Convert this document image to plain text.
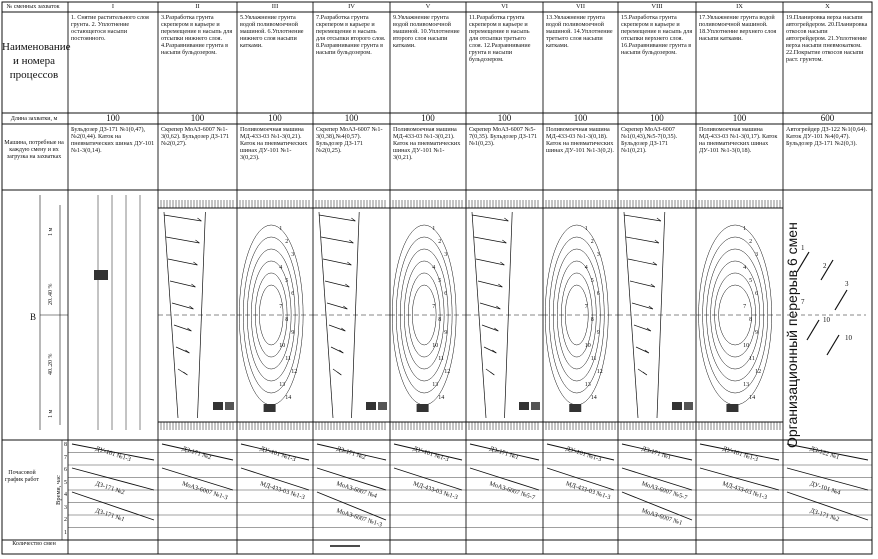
1
2
3
4
5
6
7
8
9
10
11
12
13
14
1
2
3
4
5
6
7
8
9
10
11
12
13
14
1
2
3
4
5
6
7
8
9
10
11
12
13
14
1
2
3
4
5
6
7
8
9
10
11
12
13
14
1
2
3
7
10
10
ДУ-101 №1-3
ДЗ-171 №2
ДЗ-171 №1
ДЗ-171 №2
МоАЗ-6007 №1-3
ДУ-101 №1-3
МД-433-03 №1-3
ДЗ-171 №2
МоАЗ-6007 №4
МоАЗ-6007 №1-3
ДУ-101 №1-3
МД-433-03 №1-3
ДЗ-171 №1
МоАЗ-6007 №5-7
ДУ-101 №1-3
МД-433-03 №1-3
ДЗ-171 №1
МоАЗ-6007 №5-7
МоАЗ-6007 №1
ДУ-101 №1-3
МД-433-03 №1-3
ДЗ-122 №1
ДУ-101 №4
ДЗ-171 №2
№ сменных захваток
Наименование и номера процессов
Длина захватки, м
Машина, потребные на каждую смену и их загрузка на захватках
В
Почасовой график работ
Количество смен
Время, час
1 м
20..40 %
40..20 %
1 м
8
7
6
5
4
3
2
1
I
1. Снятие растительного слоя грунта. 2. Уплотнение остающегося насыпи постоянного.
100
Бульдозер ДЗ-171 №1(0,47),№2(0,44). Каток на пневматических шинах ДУ-101 №1-3(0,14).
II
3.Разработка грунта скрепером в карьере и перемещение в насыпь для отсыпки нижнего слоя. 4.Разравнивание грунта в насыпи бульдозером.
100
Скрепер МоАЗ-6007 №1-3(0,62). Бульдозер ДЗ-171 №2(0,27).
III
5.Увлажнение грунта водой поливомоечной машиной. 6.Уплотнение нижнего слоя насыпи катками.
100
Поливомоечная машина МД-433-03 №1-3(0,21). Каток на пневматических шинах ДУ-101 №1-3(0,23).
IV
7.Разработка грунта скрепером в карьере и перемещение в насыпь для отсыпки второго слоя. 8.Разравнивание грунта в насыпи бульдозером.
100
Скрепер МоАЗ-6007 №1-3(0,38),№4(0,57). Бульдозер ДЗ-171 №2(0,25).
V
9.Увлажнение грунта водой поливомоечной машиной. 10.Уплотнение второго слоя насыпи катками.
100
Поливомоечная машина МД-433-03 №1-3(0,21). Каток на пневматических шинах ДУ-101 №1-3(0,21).
VI
11.Разработка грунта скрепером в карьере и перемещение в насыпь для отсыпки третьего слоя. 12.Разравнивание грунта в насыпи бульдозером.
100
Скрепер МоАЗ-6007 №5-7(0,35). Бульдозер ДЗ-171 №1(0,23).
VII
13.Увлажнение грунта водой поливомоечной машиной. 14.Уплотнение третьего слоя насыпи катками.
100
Поливомоечная машина МД-433-03 №1-3(0,18). Каток на пневматических шинах ДУ-101 №1-3(0,2).
VIII
15.Разработка грунта скрепером в карьере и перемещение в насыпь для отсыпки верхнего слоя. 16.Разравнивание грунта в насыпи бульдозером.
100
Скрепер МоАЗ-6007 №1(0,43),№5-7(0,35). Бульдозер ДЗ-171 №1(0,21).
IX
17.Увлажнение грунта водой поливомоечной машиной. 18.Уплотнение верхнего слоя насыпи катками.
100
Поливомоечная машина МД-433-03 №1-3(0,17). Каток на пневматических шинах ДУ-101 №1-3(0,18).
X
19.Планировка верха насыпи автогрейдером. 20.Планировка откосов насыпи автогрейдером. 21.Уплотнение верха насыпи пневмокатком. 22.Покрытие откосов насыпи раст. грунтом.
600
Автогрейдер ДЗ-122 №1(0,64). Каток ДУ-101 №4(0,47). Бульдозер ДЗ-171 №2(0,3).
Организационный перерыв 6 смен
